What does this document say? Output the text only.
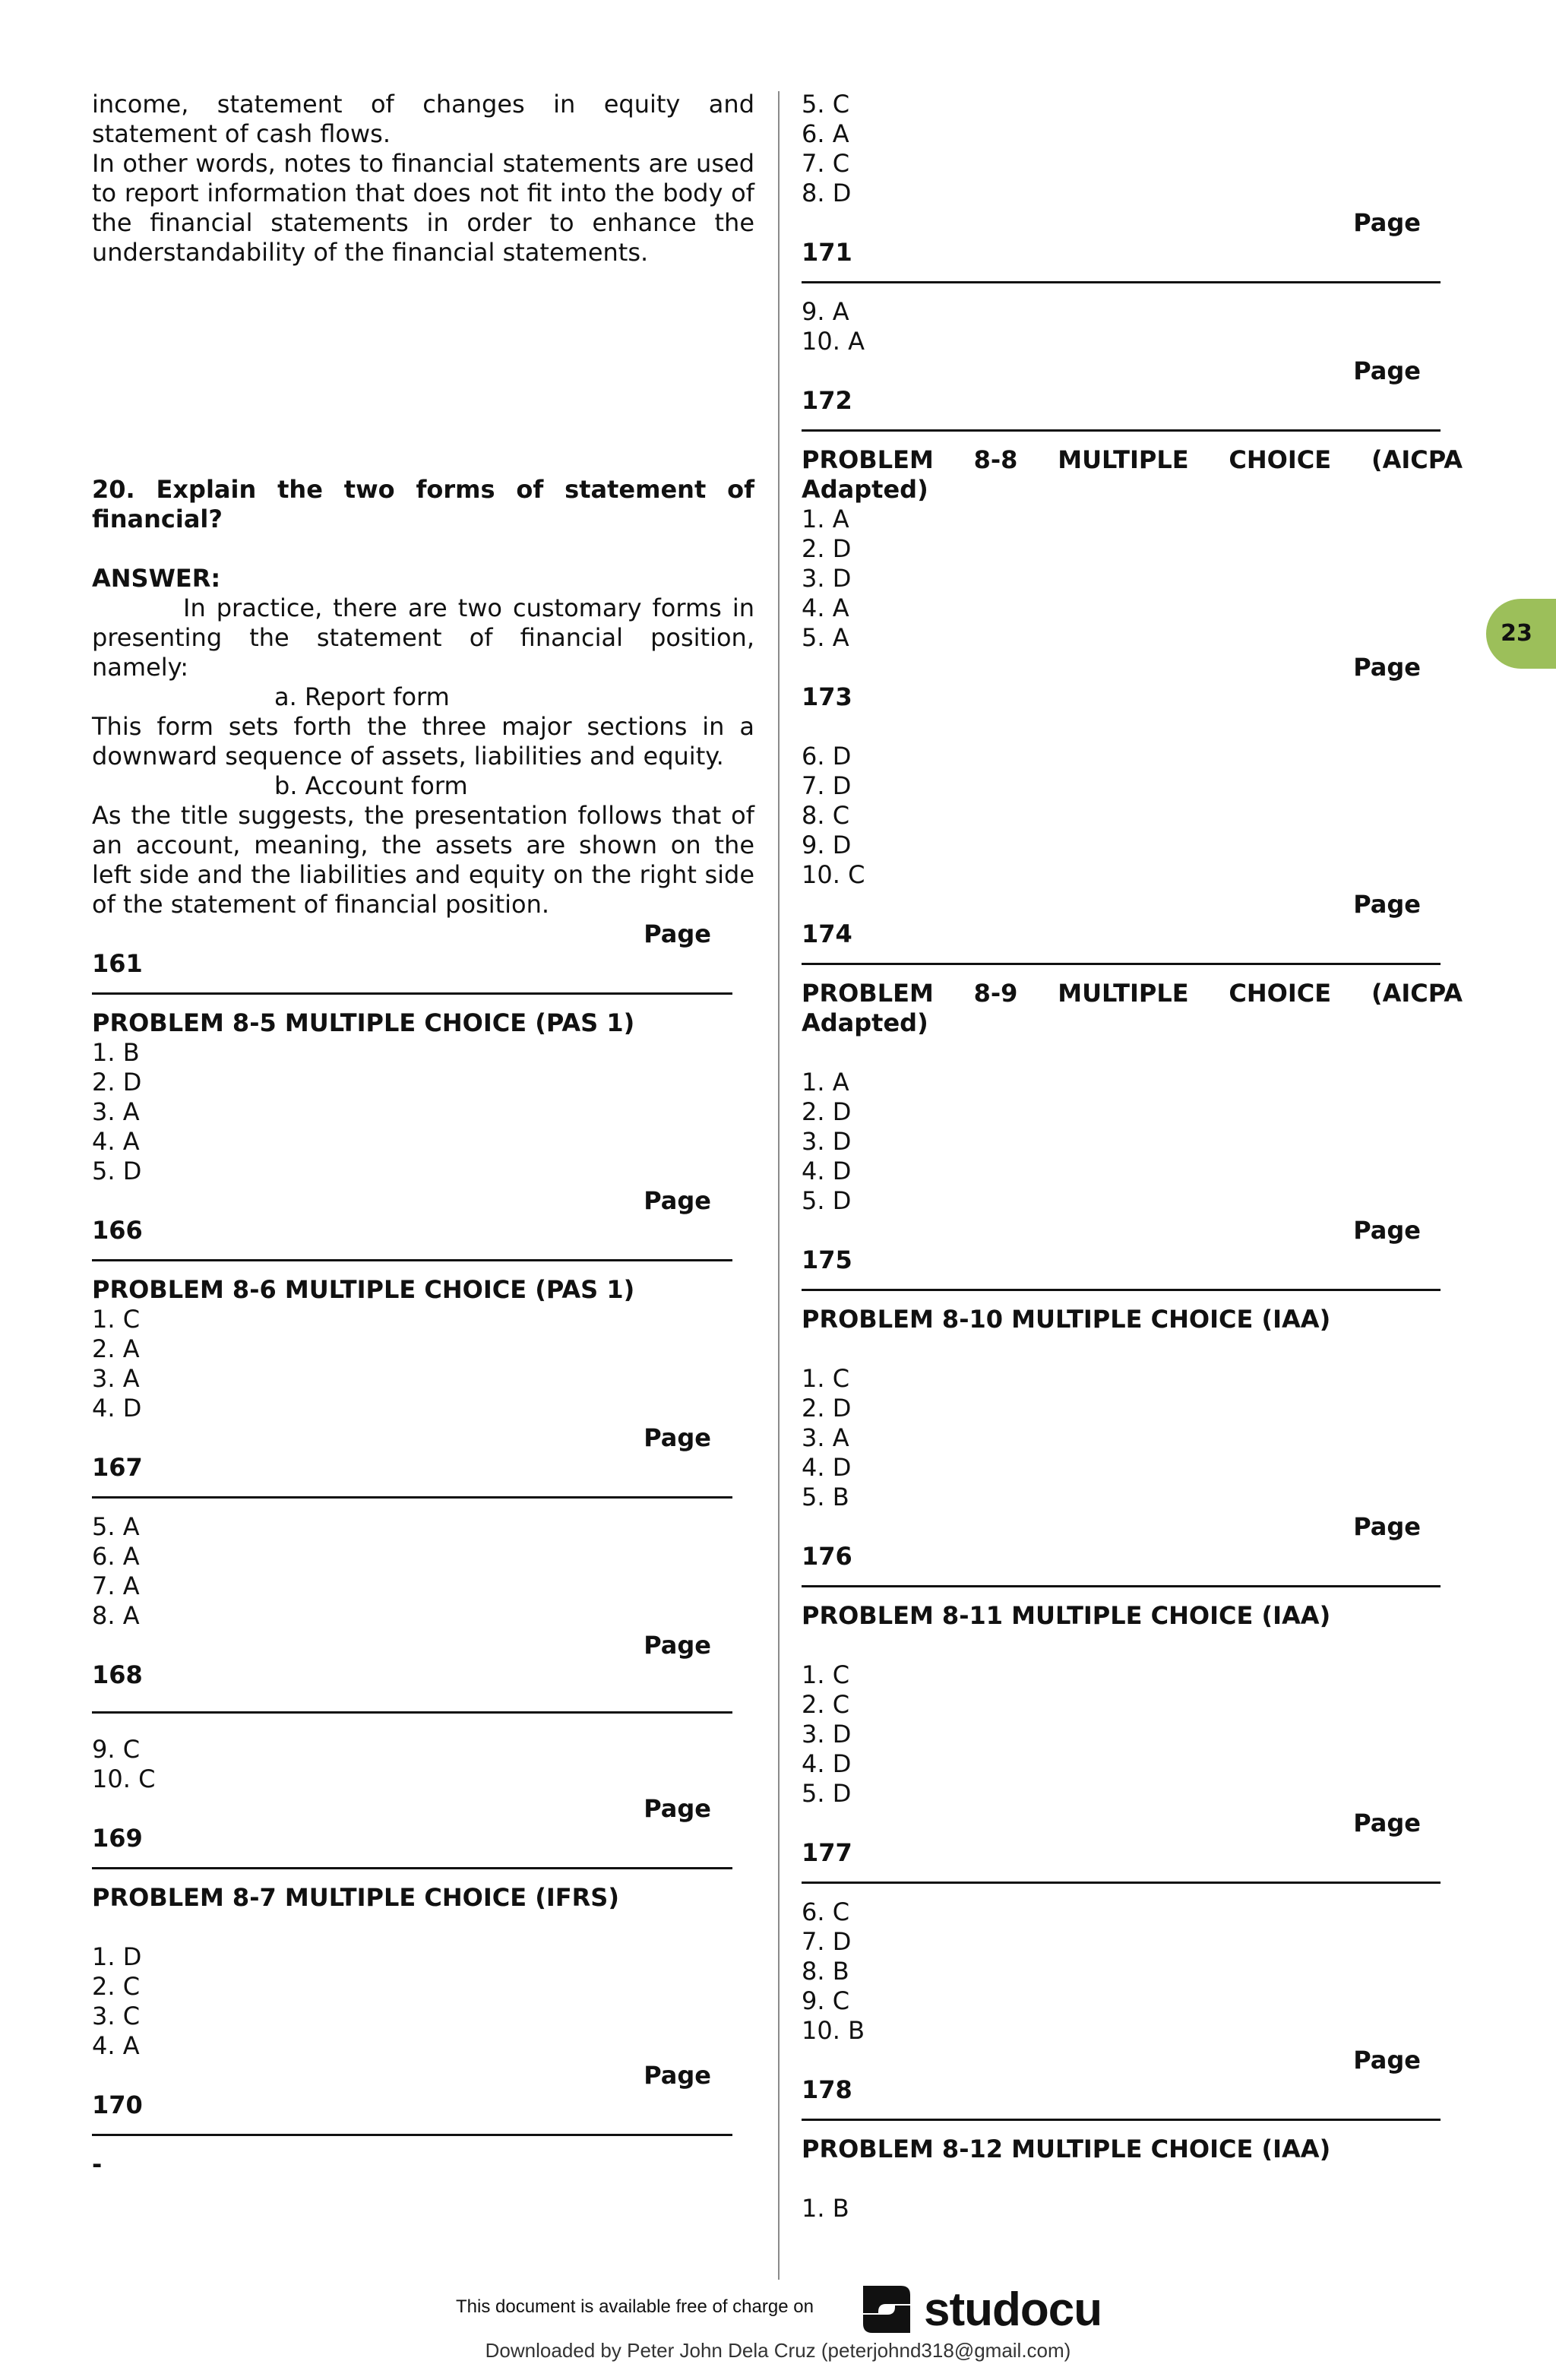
income, statement of changes in equity and statement of cash flows.

In other words, notes to financial statements are used to report information that does not fit into the body of the financial statements in order to enhance the understandability of the financial statements.

20. Explain the two forms of statement of financial?

ANSWER:

In practice, there are two customary forms in presenting the statement of financial position, namely:

a. Report form

This form sets forth the three major sections in a downward sequence of assets, liabilities and equity.

b. Account form

As the title suggests, the presentation follows that of an account, meaning, the assets are shown on the left side and the liabilities and equity on the right side of the statement of financial position.

Page

161

PROBLEM 8-5 MULTIPLE CHOICE (PAS 1)

1. B
2. D
3. A
4. A
5. D

Page

166

PROBLEM 8-6 MULTIPLE CHOICE (PAS 1)

1. C
2. A
3. A
4. D

Page

167

5. A
6. A
7. A
8. A

Page

168

9. C
10. C

Page

169

PROBLEM 8-7 MULTIPLE CHOICE (IFRS)

1. D
2. C
3. C
4. A

Page

170

-
5. C
6. A
7. C
8. D

Page

171

9. A
10. A

Page

172

PROBLEM 8-8 MULTIPLE CHOICE (AICPA

Adapted)

1. A
2. D
3. D
4. A
5. A

Page

173

6. D
7. D
8. C
9. D
10. C

Page

174

PROBLEM 8-9 MULTIPLE CHOICE (AICPA

Adapted)

1. A
2. D
3. D
4. D
5. D

Page

175

PROBLEM 8-10 MULTIPLE CHOICE (IAA)

1. C
2. D
3. A
4. D
5. B

Page

176

PROBLEM 8-11 MULTIPLE CHOICE (IAA)

1. C
2. C
3. D
4. D
5. D

Page

177

6. C
7. D
8. B
9. C
10. B

Page

178

PROBLEM 8-12 MULTIPLE CHOICE (IAA)

1. B
23
This document is available free of charge on studocu
Downloaded by Peter John Dela Cruz (peterjohnd318@gmail.com)
